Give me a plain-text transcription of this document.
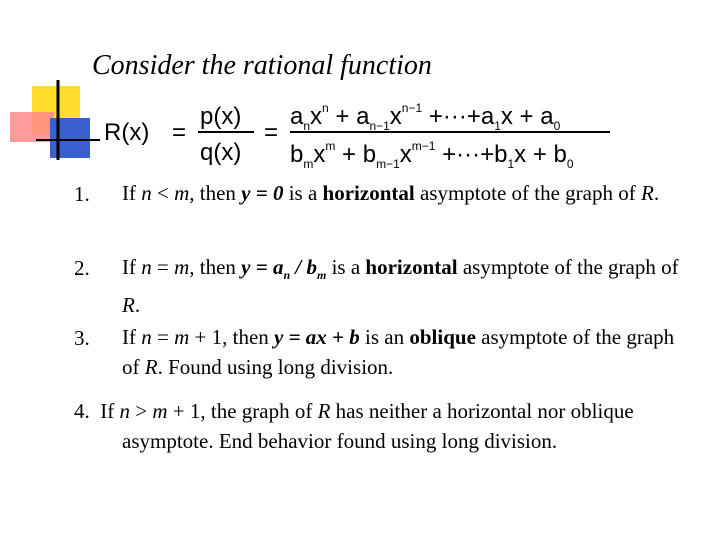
Consider the rational function
R(x) =
p(x)
q(x)
=
$a_nx^n + a_{n-1}x^{n-1} +\cdot\cdot\cdot+a_1x + a_0$
$b_mx^m + b_{m-1}x^{m-1} +\cdot\cdot\cdot+b_1x + b_0$
1. If n < m, then y = 0 is a horizontal asymptote of the graph of R.
2. If n = m, then $y = a_n / b_m$ is a horizontal asymptote of the graph of R.
3. If n = m + 1, then y = ax + b is an oblique asymptote of the graph of R. Found using long division.
4. If n > m + 1, the graph of R has neither a horizontal nor oblique asymptote. End behavior found using long division.
